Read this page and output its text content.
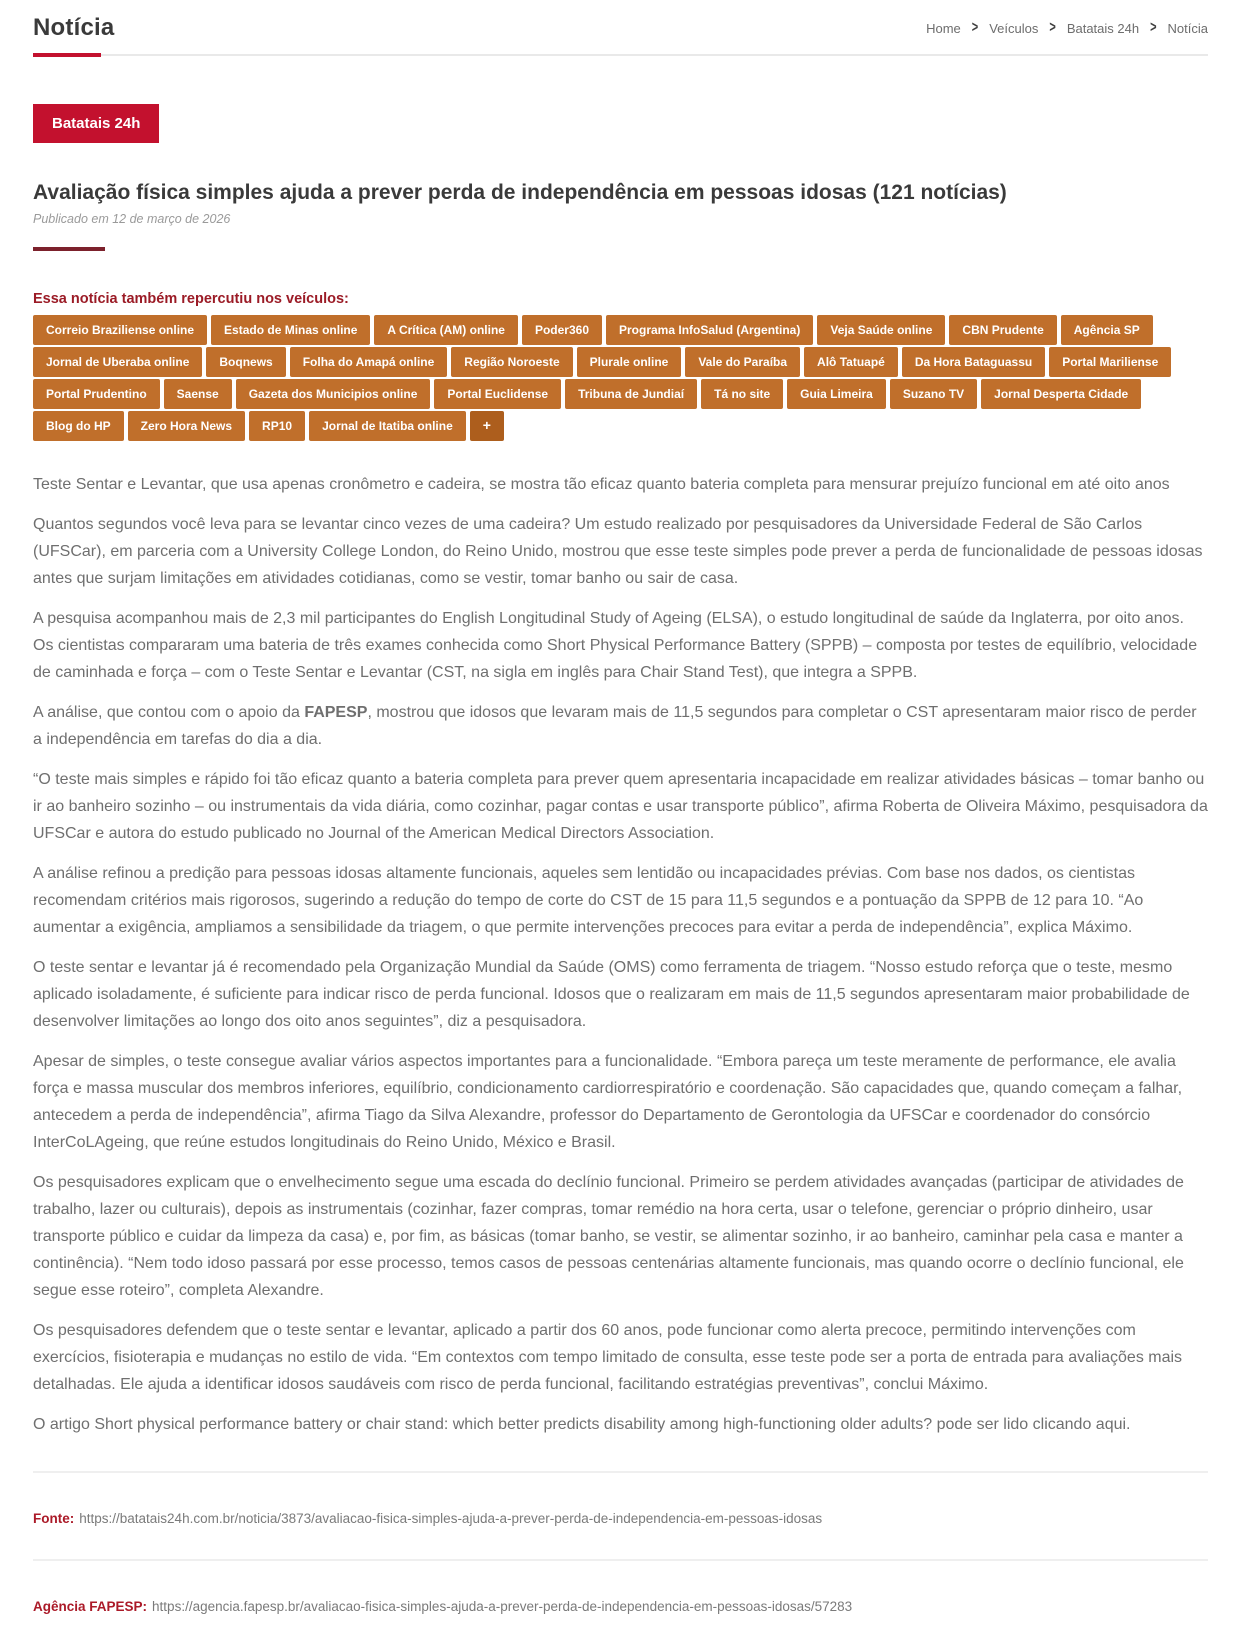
Notícia	Home > Veículos > Batatais 24h > Notícia
Batatais 24h
Avaliação física simples ajuda a prever perda de independência em pessoas idosas (121 notícias)
Publicado em 12 de março de 2026
Essa notícia também repercutiu nos veículos:
Correio Braziliense online	Estado de Minas online	A Crítica (AM) online	Poder360	Programa InfoSalud (Argentina)	Veja Saúde online	CBN Prudente	Agência SP
Jornal de Uberaba online	Boqnews	Folha do Amapá online	Região Noroeste	Plurale online	Vale do Paraíba	Alô Tatuapé	Da Hora Bataguassu	Portal Mariliense
Portal Prudentino	Saense	Gazeta dos Municipios online	Portal Euclidense	Tribuna de Jundiaí	Tá no site	Guia Limeira	Suzano TV	Jornal Desperta Cidade
Blog do HP	Zero Hora News	RP10	Jornal de Itatiba online	+

Teste Sentar e Levantar, que usa apenas cronômetro e cadeira, se mostra tão eficaz quanto bateria completa para mensurar prejuízo funcional em até oito anos

Quantos segundos você leva para se levantar cinco vezes de uma cadeira? Um estudo realizado por pesquisadores da Universidade Federal de São Carlos (UFSCar), em parceria com a University College London, do Reino Unido, mostrou que esse teste simples pode prever a perda de funcionalidade de pessoas idosas antes que surjam limitações em atividades cotidianas, como se vestir, tomar banho ou sair de casa.

A pesquisa acompanhou mais de 2,3 mil participantes do English Longitudinal Study of Ageing (ELSA), o estudo longitudinal de saúde da Inglaterra, por oito anos. Os cientistas compararam uma bateria de três exames conhecida como Short Physical Performance Battery (SPPB) – composta por testes de equilíbrio, velocidade de caminhada e força – com o Teste Sentar e Levantar (CST, na sigla em inglês para Chair Stand Test), que integra a SPPB.

A análise, que contou com o apoio da FAPESP, mostrou que idosos que levaram mais de 11,5 segundos para completar o CST apresentaram maior risco de perder a independência em tarefas do dia a dia.

“O teste mais simples e rápido foi tão eficaz quanto a bateria completa para prever quem apresentaria incapacidade em realizar atividades básicas – tomar banho ou ir ao banheiro sozinho – ou instrumentais da vida diária, como cozinhar, pagar contas e usar transporte público”, afirma Roberta de Oliveira Máximo, pesquisadora da UFSCar e autora do estudo publicado no Journal of the American Medical Directors Association.

A análise refinou a predição para pessoas idosas altamente funcionais, aqueles sem lentidão ou incapacidades prévias. Com base nos dados, os cientistas recomendam critérios mais rigorosos, sugerindo a redução do tempo de corte do CST de 15 para 11,5 segundos e a pontuação da SPPB de 12 para 10. “Ao aumentar a exigência, ampliamos a sensibilidade da triagem, o que permite intervenções precoces para evitar a perda de independência”, explica Máximo.

O teste sentar e levantar já é recomendado pela Organização Mundial da Saúde (OMS) como ferramenta de triagem. “Nosso estudo reforça que o teste, mesmo aplicado isoladamente, é suficiente para indicar risco de perda funcional. Idosos que o realizaram em mais de 11,5 segundos apresentaram maior probabilidade de desenvolver limitações ao longo dos oito anos seguintes”, diz a pesquisadora.

Apesar de simples, o teste consegue avaliar vários aspectos importantes para a funcionalidade. “Embora pareça um teste meramente de performance, ele avalia força e massa muscular dos membros inferiores, equilíbrio, condicionamento cardiorrespiratório e coordenação. São capacidades que, quando começam a falhar, antecedem a perda de independência”, afirma Tiago da Silva Alexandre, professor do Departamento de Gerontologia da UFSCar e coordenador do consórcio InterCoLAgeing, que reúne estudos longitudinais do Reino Unido, México e Brasil.

Os pesquisadores explicam que o envelhecimento segue uma escada do declínio funcional. Primeiro se perdem atividades avançadas (participar de atividades de trabalho, lazer ou culturais), depois as instrumentais (cozinhar, fazer compras, tomar remédio na hora certa, usar o telefone, gerenciar o próprio dinheiro, usar transporte público e cuidar da limpeza da casa) e, por fim, as básicas (tomar banho, se vestir, se alimentar sozinho, ir ao banheiro, caminhar pela casa e manter a continência). “Nem todo idoso passará por esse processo, temos casos de pessoas centenárias altamente funcionais, mas quando ocorre o declínio funcional, ele segue esse roteiro”, completa Alexandre.

Os pesquisadores defendem que o teste sentar e levantar, aplicado a partir dos 60 anos, pode funcionar como alerta precoce, permitindo intervenções com exercícios, fisioterapia e mudanças no estilo de vida. “Em contextos com tempo limitado de consulta, esse teste pode ser a porta de entrada para avaliações mais detalhadas. Ele ajuda a identificar idosos saudáveis com risco de perda funcional, facilitando estratégias preventivas”, conclui Máximo.

O artigo Short physical performance battery or chair stand: which better predicts disability among high-functioning older adults? pode ser lido clicando aqui.

Fonte: https://batatais24h.com.br/noticia/3873/avaliacao-fisica-simples-ajuda-a-prever-perda-de-independencia-em-pessoas-idosas
Agência FAPESP: https://agencia.fapesp.br/avaliacao-fisica-simples-ajuda-a-prever-perda-de-independencia-em-pessoas-idosas/57283
